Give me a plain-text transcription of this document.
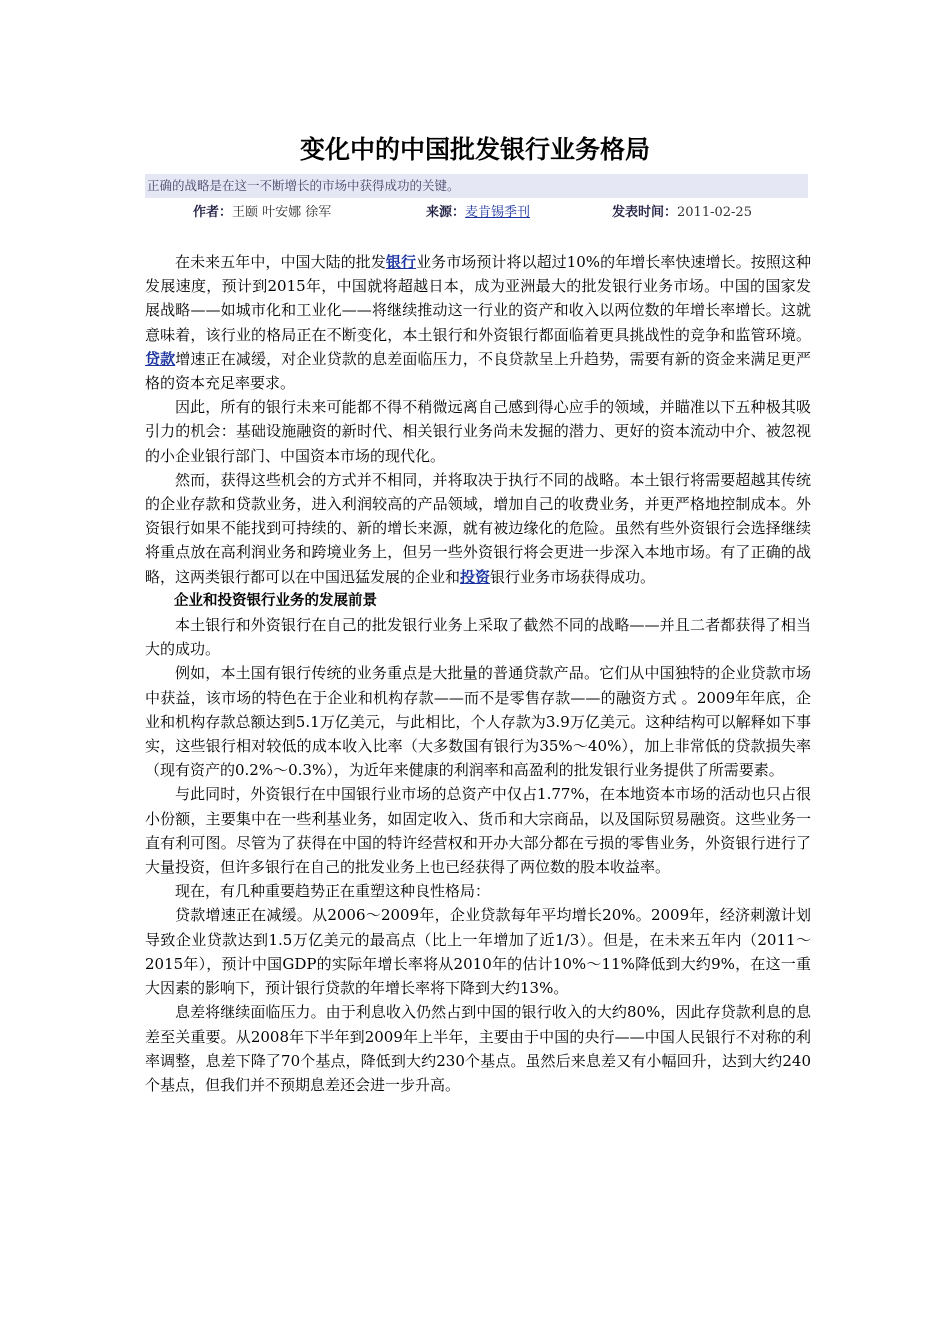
变化中的中国批发银行业务格局
正确的战略是在这一不断增长的市场中获得成功的关键。
作者：王颐 叶安娜 徐军	来源：麦肯锡季刊	发表时间：2011-02-25

在未来五年中，中国大陆的批发银行业务市场预计将以超过10%的年增长率快速增长。按照这种发展速度，预计到2015年，中国就将超越日本，成为亚洲最大的批发银行业务市场。中国的国家发展战略——如城市化和工业化——将继续推动这一行业的资产和收入以两位数的年增长率增长。这就意味着，该行业的格局正在不断变化，本土银行和外资银行都面临着更具挑战性的竞争和监管环境。贷款增速正在减缓，对企业贷款的息差面临压力，不良贷款呈上升趋势，需要有新的资金来满足更严格的资本充足率要求。

因此，所有的银行未来可能都不得不稍微远离自己感到得心应手的领域，并瞄准以下五种极其吸引力的机会：基础设施融资的新时代、相关银行业务尚未发掘的潜力、更好的资本流动中介、被忽视的小企业银行部门、中国资本市场的现代化。

然而，获得这些机会的方式并不相同，并将取决于执行不同的战略。本土银行将需要超越其传统的企业存款和贷款业务，进入利润较高的产品领域，增加自己的收费业务，并更严格地控制成本。外资银行如果不能找到可持续的、新的增长来源，就有被边缘化的危险。虽然有些外资银行会选择继续将重点放在高利润业务和跨境业务上，但另一些外资银行将会更进一步深入本地市场。有了正确的战略，这两类银行都可以在中国迅猛发展的企业和投资银行业务市场获得成功。

企业和投资银行业务的发展前景

本土银行和外资银行在自己的批发银行业务上采取了截然不同的战略——并且二者都获得了相当大的成功。

例如，本土国有银行传统的业务重点是大批量的普通贷款产品。它们从中国独特的企业贷款市场中获益，该市场的特色在于企业和机构存款——而不是零售存款——的融资方式 。2009年年底，企业和机构存款总额达到5.1万亿美元，与此相比，个人存款为3.9万亿美元。这种结构可以解释如下事实，这些银行相对较低的成本收入比率（大多数国有银行为35%～40%），加上非常低的贷款损失率（现有资产的0.2%～0.3%），为近年来健康的利润率和高盈利的批发银行业务提供了所需要素。

与此同时，外资银行在中国银行业市场的总资产中仅占1.77%，在本地资本市场的活动也只占很小份额，主要集中在一些利基业务，如固定收入、货币和大宗商品，以及国际贸易融资。这些业务一直有利可图。尽管为了获得在中国的特许经营权和开办大部分都在亏损的零售业务，外资银行进行了大量投资，但许多银行在自己的批发业务上也已经获得了两位数的股本收益率。

现在，有几种重要趋势正在重塑这种良性格局：

贷款增速正在减缓。从2006～2009年，企业贷款每年平均增长20%。2009年，经济刺激计划导致企业贷款达到1.5万亿美元的最高点（比上一年增加了近1/3）。但是，在未来五年内（2011～2015年），预计中国GDP的实际年增长率将从2010年的估计10%～11%降低到大约9%，在这一重大因素的影响下，预计银行贷款的年增长率将下降到大约13%。

息差将继续面临压力。由于利息收入仍然占到中国的银行收入的大约80%，因此存贷款利息的息差至关重要。从2008年下半年到2009年上半年，主要由于中国的央行——中国人民银行不对称的利率调整，息差下降了70个基点，降低到大约230个基点。虽然后来息差又有小幅回升，达到大约240个基点，但我们并不预期息差还会进一步升高。
